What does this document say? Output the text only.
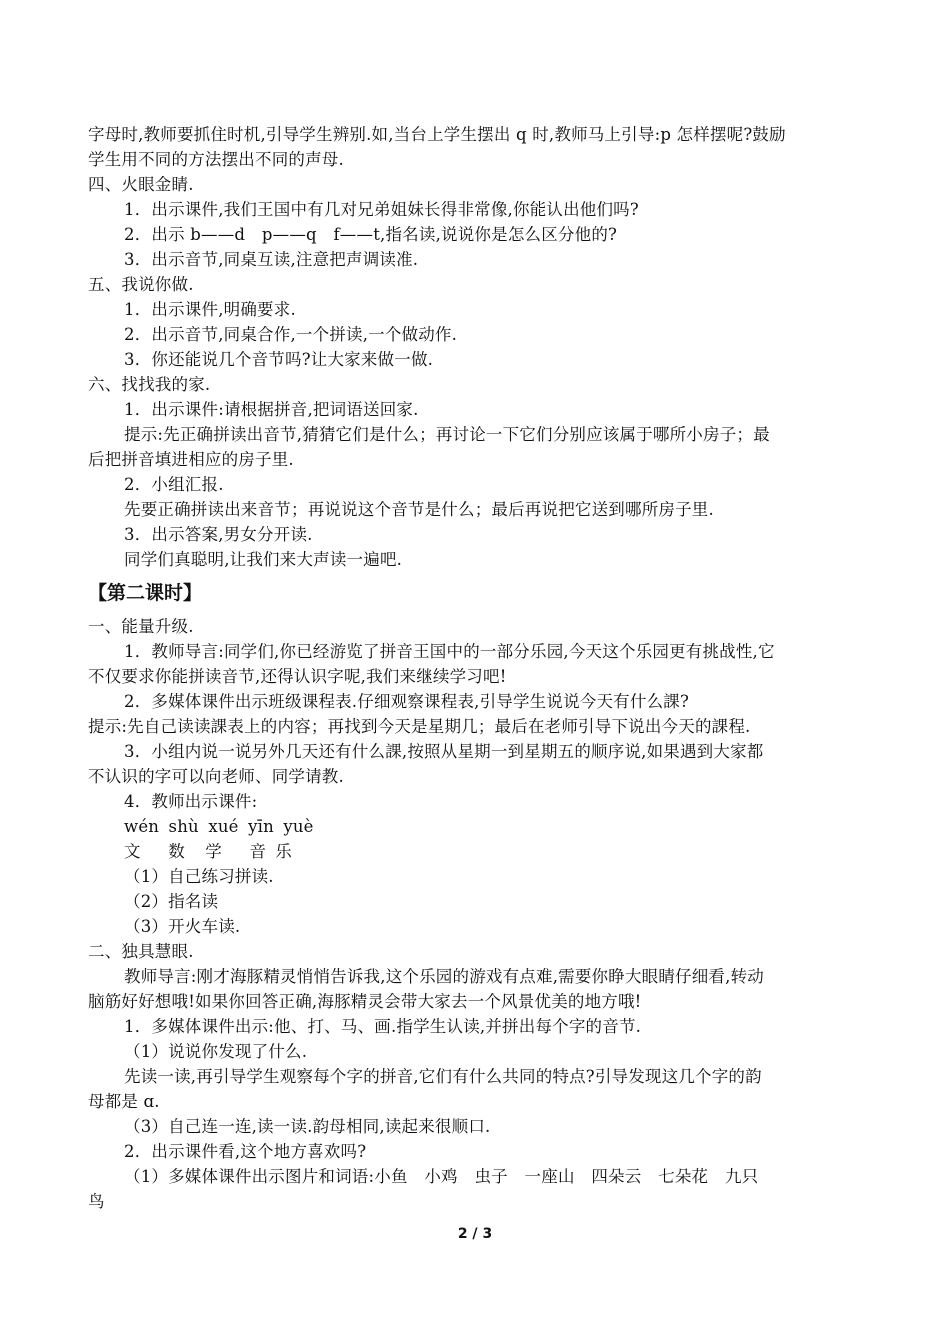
字母时,教师要抓住时机,引导学生辨别.如,当台上学生摆出 q 时,教师马上引导:p 怎样摆呢?鼓励
学生用不同的方法摆出不同的声母.
四、火眼金睛.
1．出示课件,我们王国中有几对兄弟姐妹长得非常像,你能认出他们吗?
2．出示 b——d　p——q　f——t,指名读,说说你是怎么区分他的?
3．出示音节,同桌互读,注意把声调读准.
五、我说你做.
1．出示课件,明确要求.
2．出示音节,同桌合作,一个拼读,一个做动作.
3．你还能说几个音节吗?让大家来做一做.
六、找找我的家.
1．出示课件:请根据拼音,把词语送回家.
提示:先正确拼读出音节,猜猜它们是什么；再讨论一下它们分别应该属于哪所小房子；最
后把拼音填进相应的房子里.
2．小组汇报.
先要正确拼读出来音节；再说说这个音节是什么；最后再说把它送到哪所房子里.
3．出示答案,男女分开读.
同学们真聪明,让我们来大声读一遍吧.
【第二课时】
一、能量升级.
1．教师导言:同学们,你已经游览了拼音王国中的一部分乐园,今天这个乐园更有挑战性,它
不仅要求你能拼读音节,还得认识字呢,我们来继续学习吧!
2．多媒体课件出示班级课程表.仔细观察课程表,引导学生说说今天有什么課?
提示:先自己读读課表上的内容；再找到今天是星期几；最后在老师引导下说出今天的課程.
3．小组内说一说另外几天还有什么課,按照从星期一到星期五的顺序说,如果遇到大家都
不认识的字可以向老师、同学请教.
4．教师出示课件:
wén shù xué yīn yuè
文　 数　学　 音 乐
（1）自己练习拼读.
（2）指名读
（3）开火车读.
二、独具慧眼.
教师导言:刚才海豚精灵悄悄告诉我,这个乐园的游戏有点难,需要你睁大眼睛仔细看,转动
脑筋好好想哦!如果你回答正确,海豚精灵会带大家去一个风景优美的地方哦!
1．多媒体课件出示:他、打、马、画.指学生认读,并拼出每个字的音节.
（1）说说你发现了什么.
先读一读,再引导学生观察每个字的拼音,它们有什么共同的特点?引导发现这几个字的韵
母都是 ɑ.
（3）自己连一连,读一读.韵母相同,读起来很顺口.
2．出示课件看,这个地方喜欢吗?
（1）多媒体课件出示图片和词语:小鱼　小鸡　虫子　一座山　四朵云　七朵花　九只
鸟
2 / 3
